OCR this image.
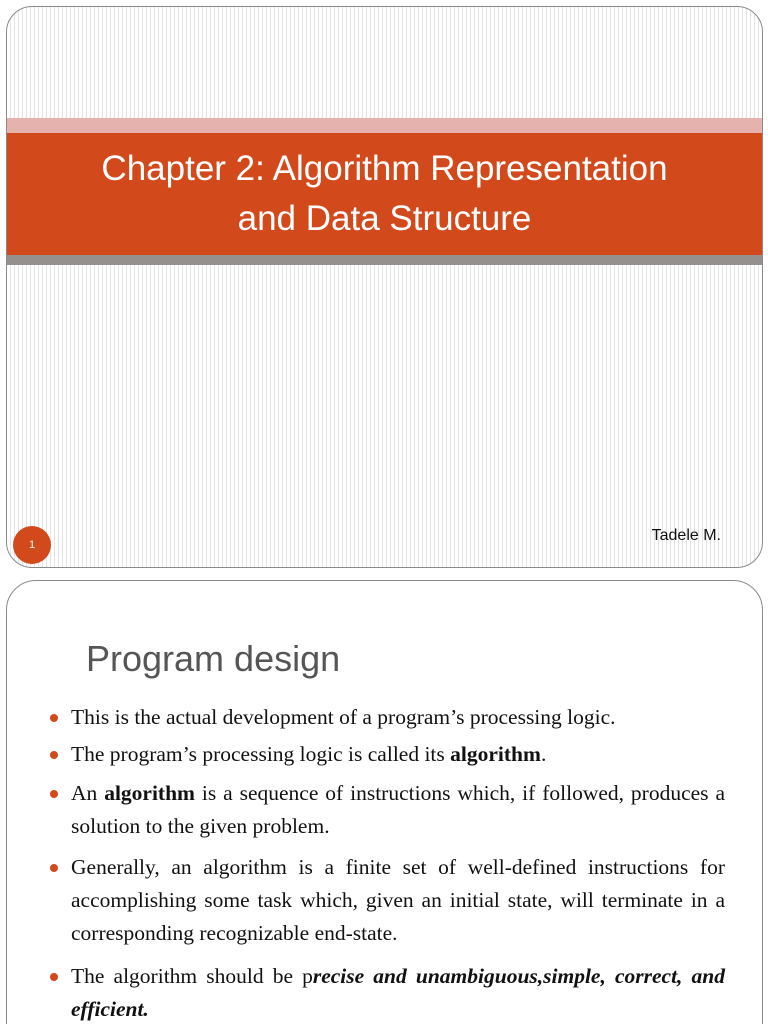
Chapter 2: Algorithm Representation
and Data Structure
1
Tadele M.
Program design
This is the actual development of a program’s processing logic.
The program’s processing logic is called its algorithm.
An algorithm is a sequence of instructions which, if followed, produces a solution to the given problem.
Generally, an algorithm is a finite set of well-defined instructions for accomplishing some task which, given an initial state, will terminate in a corresponding recognizable end-state.
The algorithm should be precise and unambiguous,simple, correct, and efficient.
